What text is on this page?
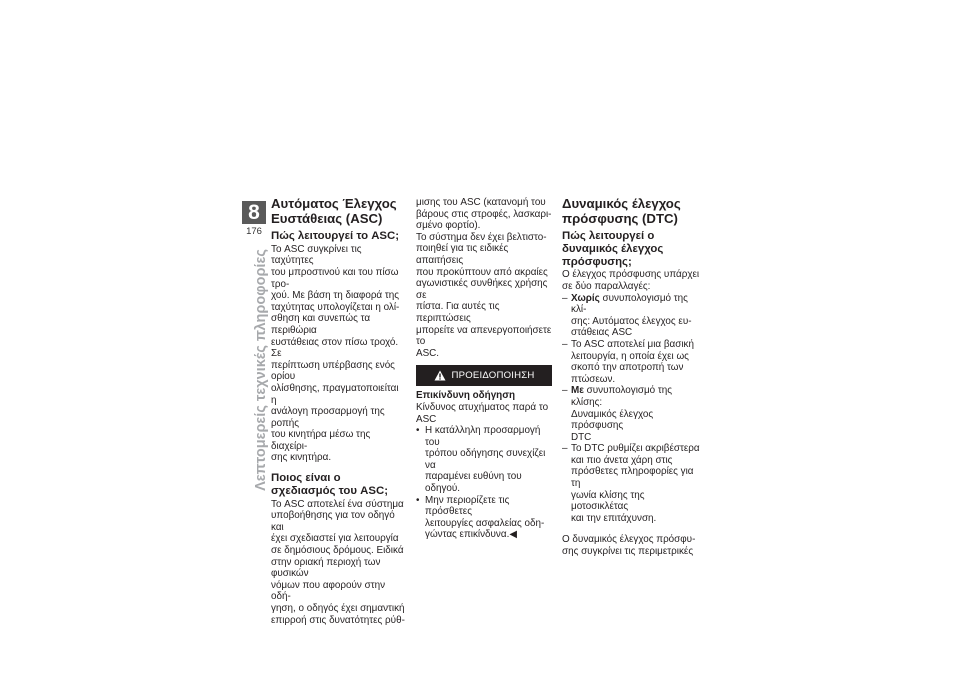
8
176
Λεπτομερείς τεχνικές πληροφορίες
Αυτόματος Έλεγχος Ευστάθειας (ASC)
Πώς λειτουργεί το ASC;

Το ASC συγκρίνει τις ταχύτητες
του μπροστινού και του πίσω τρο-
χού. Με βάση τη διαφορά της
ταχύτητας υπολογίζεται η ολί-
σθηση και συνεπώς τα περιθώρια
ευστάθειας στον πίσω τροχό. Σε
περίπτωση υπέρβασης ενός ορίου
ολίσθησης, πραγματοποιείται η
ανάλογη προσαρμογή της ροπής
του κινητήρα μέσω της διαχείρι-
σης κινητήρα.

Ποιος είναι ο σχεδιασμός του ASC;

Το ASC αποτελεί ένα σύστημα
υποβοήθησης για τον οδηγό και
έχει σχεδιαστεί για λειτουργία
σε δημόσιους δρόμους. Ειδικά
στην οριακή περιοχή των φυσικών
νόμων που αφορούν στην οδή-
γηση, ο οδηγός έχει σημαντική
επιρροή στις δυνατότητες ρύθ-

μισης του ASC (κατανομή του
βάρους στις στροφές, λασκαρι-
σμένο φορτίο).

Το σύστημα δεν έχει βελτιστο-
ποιηθεί για τις ειδικές απαιτήσεις
που προκύπτουν από ακραίες
αγωνιστικές συνθήκες χρήσης σε
πίστα. Για αυτές τις περιπτώσεις
μπορείτε να απενεργοποιήσετε το
ASC.

ΠΡΟΕΙΔΟΠΟΙΗΣΗ

Επικίνδυνη οδήγηση

Κίνδυνος ατυχήματος παρά το
ASC

• Η κατάλληλη προσαρμογή του
τρόπου οδήγησης συνεχίζει να
παραμένει ευθύνη του οδηγού.
• Μην περιορίζετε τις πρόσθετες
λειτουργίες ασφαλείας οδη-
γώντας επικίνδυνα.◀
Δυναμικός έλεγχος πρόσφυσης (DTC)
Πώς λειτουργεί ο δυναμικός έλεγχος πρόσφυσης;

Ο έλεγχος πρόσφυσης υπάρχει
σε δύο παραλλαγές:

– Χωρίς συνυπολογισμό της κλί-
σης: Αυτόματος έλεγχος ευ-
στάθειας ASC
– Το ASC αποτελεί μια βασική
λειτουργία, η οποία έχει ως
σκοπό την αποτροπή των
πτώσεων.
– Με συνυπολογισμό της κλίσης:
Δυναμικός έλεγχος πρόσφυσης
DTC
– Το DTC ρυθμίζει ακριβέστερα
και πιο άνετα χάρη στις
πρόσθετες πληροφορίες για τη
γωνία κλίσης της μοτοσικλέτας
και την επιτάχυνση.

Ο δυναμικός έλεγχος πρόσφυ-
σης συγκρίνει τις περιμετρικές
